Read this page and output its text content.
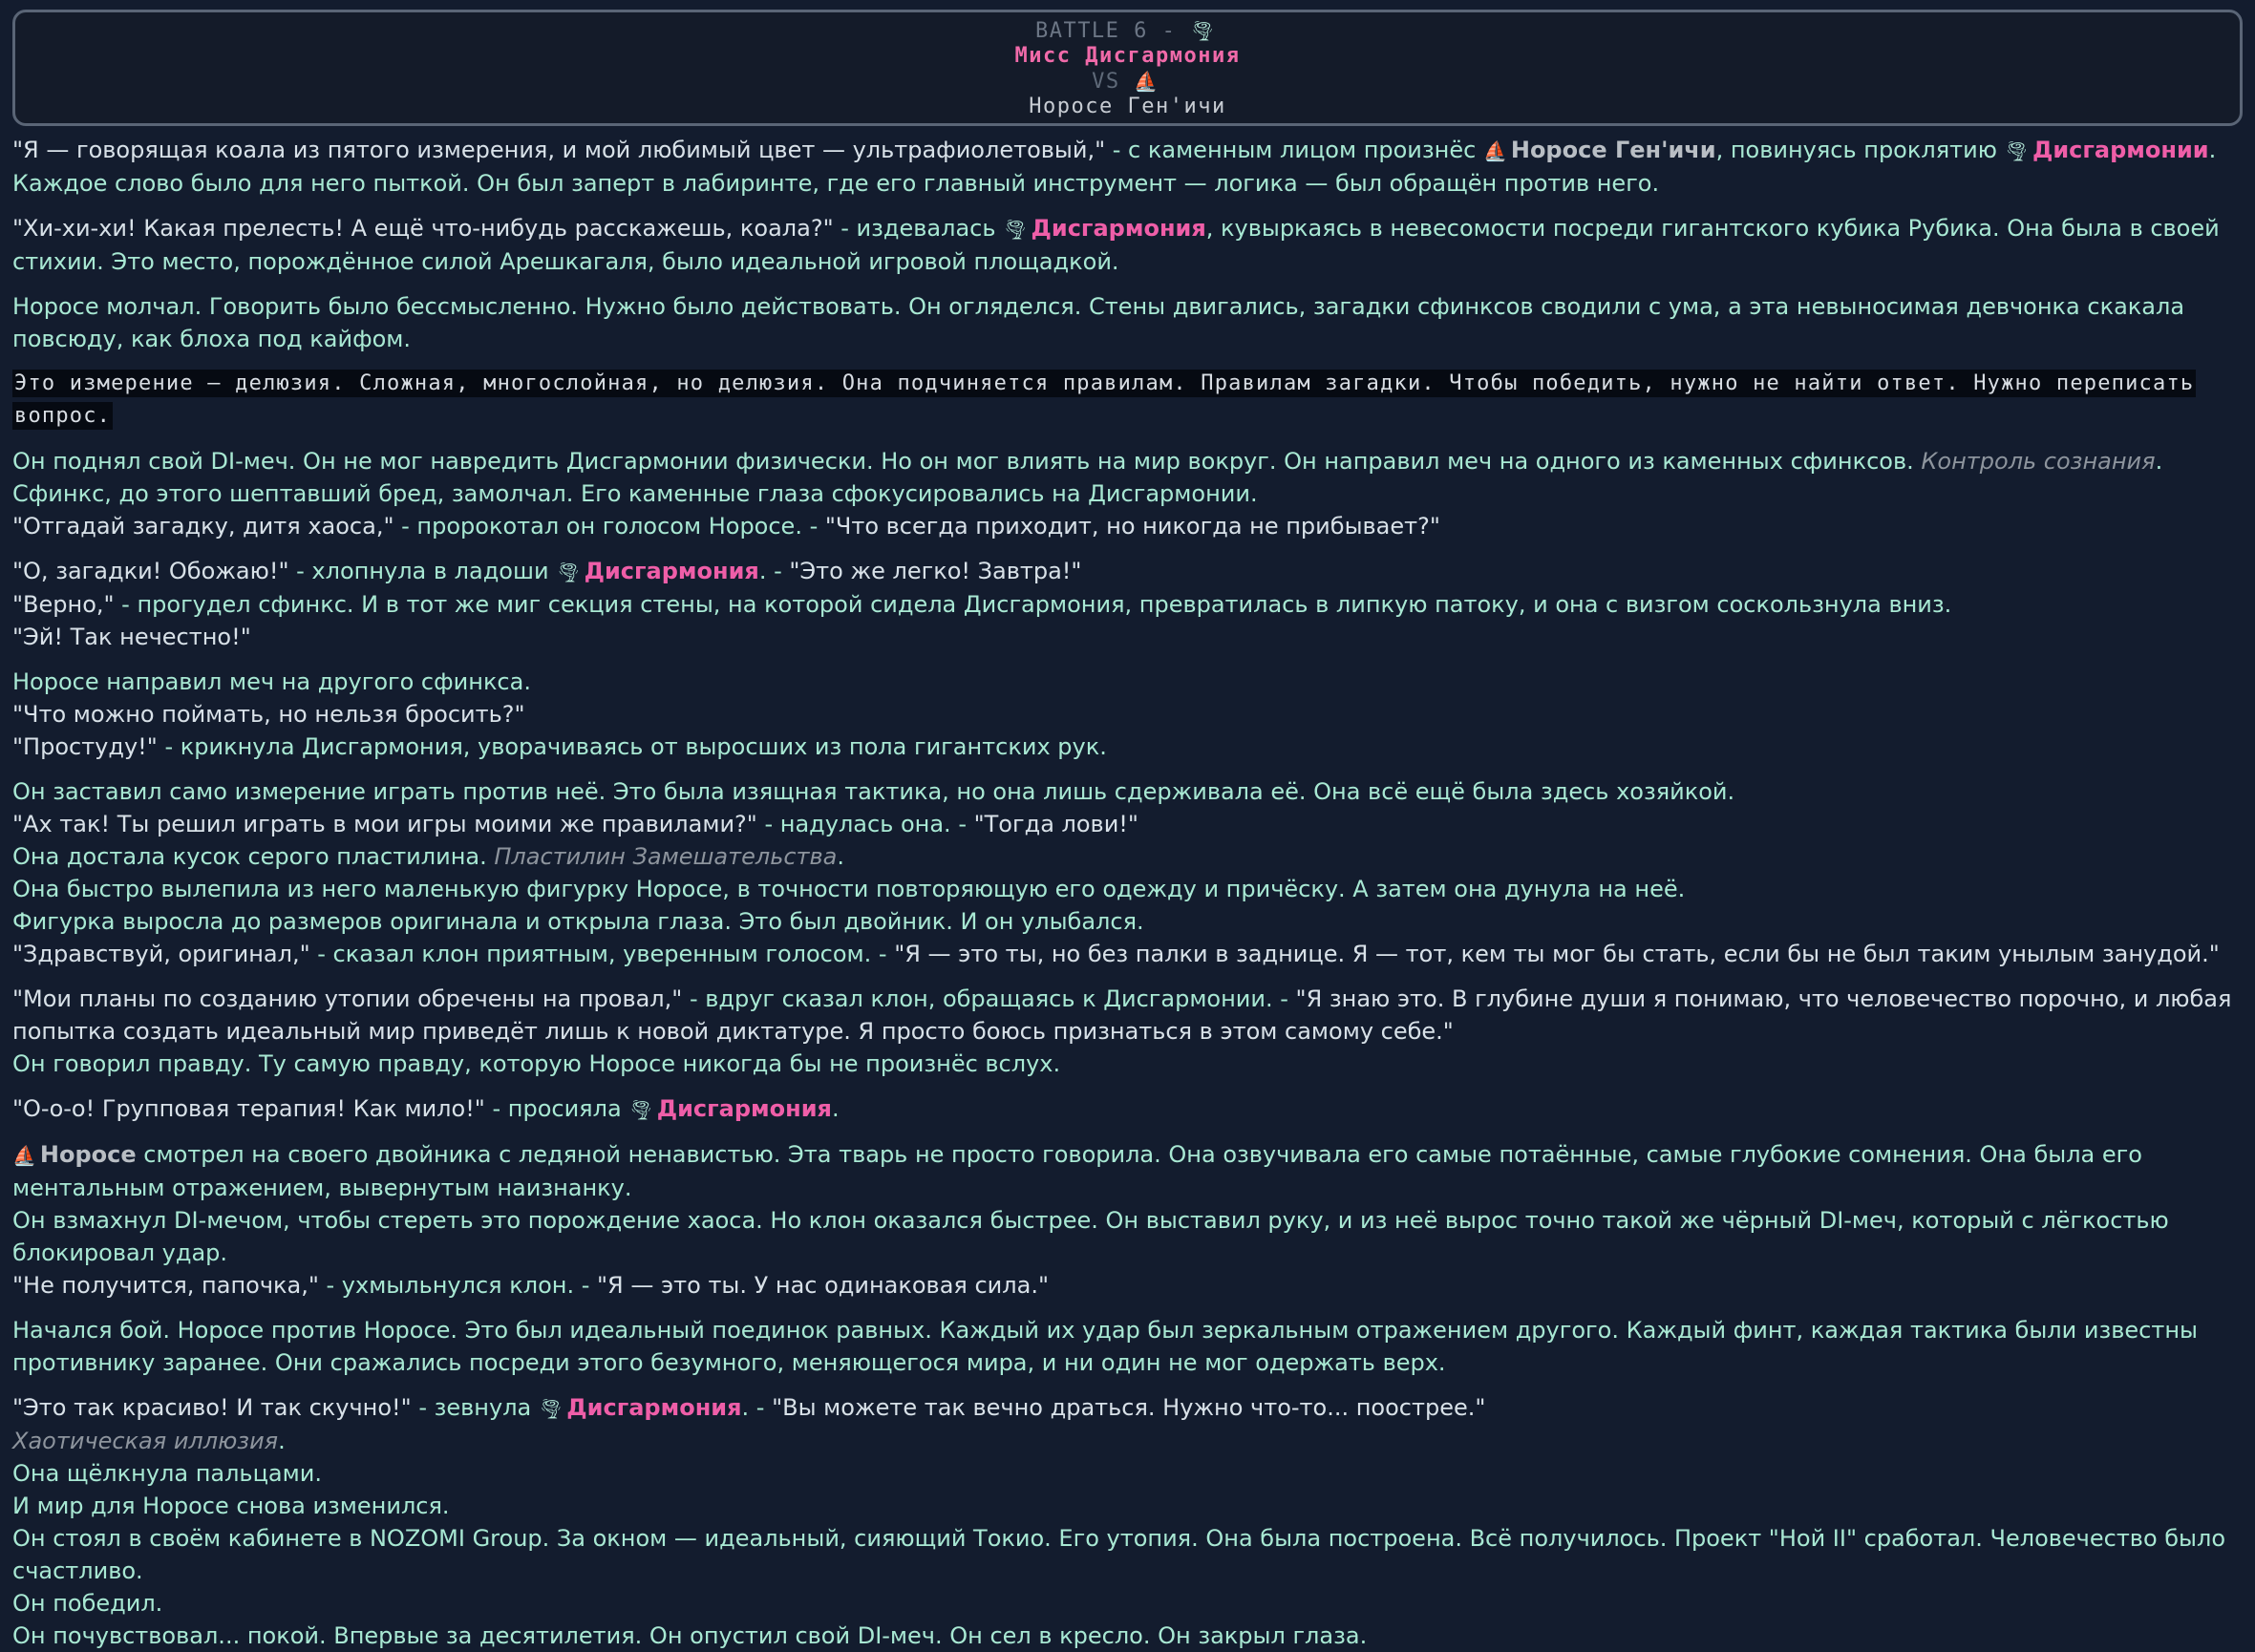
BATTLE 6 - 🌪
Мисс Дисгармония
VS ⛵
Норосе Ген'ичи
"Я — говорящая коала из пятого измерения, и мой любимый цвет — ультрафиолетовый," - с каменным лицом произнёс ⛵ Норосе Ген'ичи, повинуясь проклятию 🌪 Дисгармонии. Каждое слово было для него пыткой. Он был заперт в лабиринте, где его главный инструмент — логика — был обращён против него.
"Хи-хи-хи! Какая прелесть! А ещё что-нибудь расскажешь, коала?" - издевалась 🌪 Дисгармония, кувыркаясь в невесомости посреди гигантского кубика Рубика. Она была в своей стихии. Это место, порождённое силой Арешкагаля, было идеальной игровой площадкой.
Норосе молчал. Говорить было бессмысленно. Нужно было действовать. Он огляделся. Стены двигались, загадки сфинксов сводили с ума, а эта невыносимая девчонка скакала повсюду, как блоха под кайфом.
Это измерение — делюзия. Сложная, многослойная, но делюзия. Она подчиняется правилам. Правилам загадки. Чтобы победить, нужно не найти ответ. Нужно переписать вопрос.
Он поднял свой DI-меч. Он не мог навредить Дисгармонии физически. Но он мог влиять на мир вокруг. Он направил меч на одного из каменных сфинксов. Контроль сознания.
Сфинкс, до этого шептавший бред, замолчал. Его каменные глаза сфокусировались на Дисгармонии.
"Отгадай загадку, дитя хаоса," - пророкотал он голосом Норосе. - "Что всегда приходит, но никогда не прибывает?"
"О, загадки! Обожаю!" - хлопнула в ладоши 🌪 Дисгармония. - "Это же легко! Завтра!"
"Верно," - прогудел сфинкс. И в тот же миг секция стены, на которой сидела Дисгармония, превратилась в липкую патоку, и она с визгом соскользнула вниз.
"Эй! Так нечестно!"
Норосе направил меч на другого сфинкса.
"Что можно поймать, но нельзя бросить?"
"Простуду!" - крикнула Дисгармония, уворачиваясь от выросших из пола гигантских рук.
Он заставил само измерение играть против неё. Это была изящная тактика, но она лишь сдерживала её. Она всё ещё была здесь хозяйкой.
"Ах так! Ты решил играть в мои игры моими же правилами?" - надулась она. - "Тогда лови!"
Она достала кусок серого пластилина. Пластилин Замешательства.
Она быстро вылепила из него маленькую фигурку Норосе, в точности повторяющую его одежду и причёску. А затем она дунула на неё.
Фигурка выросла до размеров оригинала и открыла глаза. Это был двойник. И он улыбался.
"Здравствуй, оригинал," - сказал клон приятным, уверенным голосом. - "Я — это ты, но без палки в заднице. Я — тот, кем ты мог бы стать, если бы не был таким унылым занудой."
"Мои планы по созданию утопии обречены на провал," - вдруг сказал клон, обращаясь к Дисгармонии. - "Я знаю это. В глубине души я понимаю, что человечество порочно, и любая попытка создать идеальный мир приведёт лишь к новой диктатуре. Я просто боюсь признаться в этом самому себе."
Он говорил правду. Ту самую правду, которую Норосе никогда бы не произнёс вслух.
"О-о-о! Групповая терапия! Как мило!" - просияла 🌪 Дисгармония.
⛵ Норосе смотрел на своего двойника с ледяной ненавистью. Эта тварь не просто говорила. Она озвучивала его самые потаённые, самые глубокие сомнения. Она была его ментальным отражением, вывернутым наизнанку.
Он взмахнул DI-мечом, чтобы стереть это порождение хаоса. Но клон оказался быстрее. Он выставил руку, и из неё вырос точно такой же чёрный DI-меч, который с лёгкостью блокировал удар.
"Не получится, папочка," - ухмыльнулся клон. - "Я — это ты. У нас одинаковая сила."
Начался бой. Норосе против Норосе. Это был идеальный поединок равных. Каждый их удар был зеркальным отражением другого. Каждый финт, каждая тактика были известны противнику заранее. Они сражались посреди этого безумного, меняющегося мира, и ни один не мог одержать верх.
"Это так красиво! И так скучно!" - зевнула 🌪 Дисгармония. - "Вы можете так вечно драться. Нужно что-то... поострее."
Хаотическая иллюзия.
Она щёлкнула пальцами.
И мир для Норосе снова изменился.
Он стоял в своём кабинете в NOZOMI Group. За окном — идеальный, сияющий Токио. Его утопия. Она была построена. Всё получилось. Проект "Ной II" сработал. Человечество было счастливо.
Он победил.
Он почувствовал... покой. Впервые за десятилетия. Он опустил свой DI-меч. Он сел в кресло. Он закрыл глаза.
